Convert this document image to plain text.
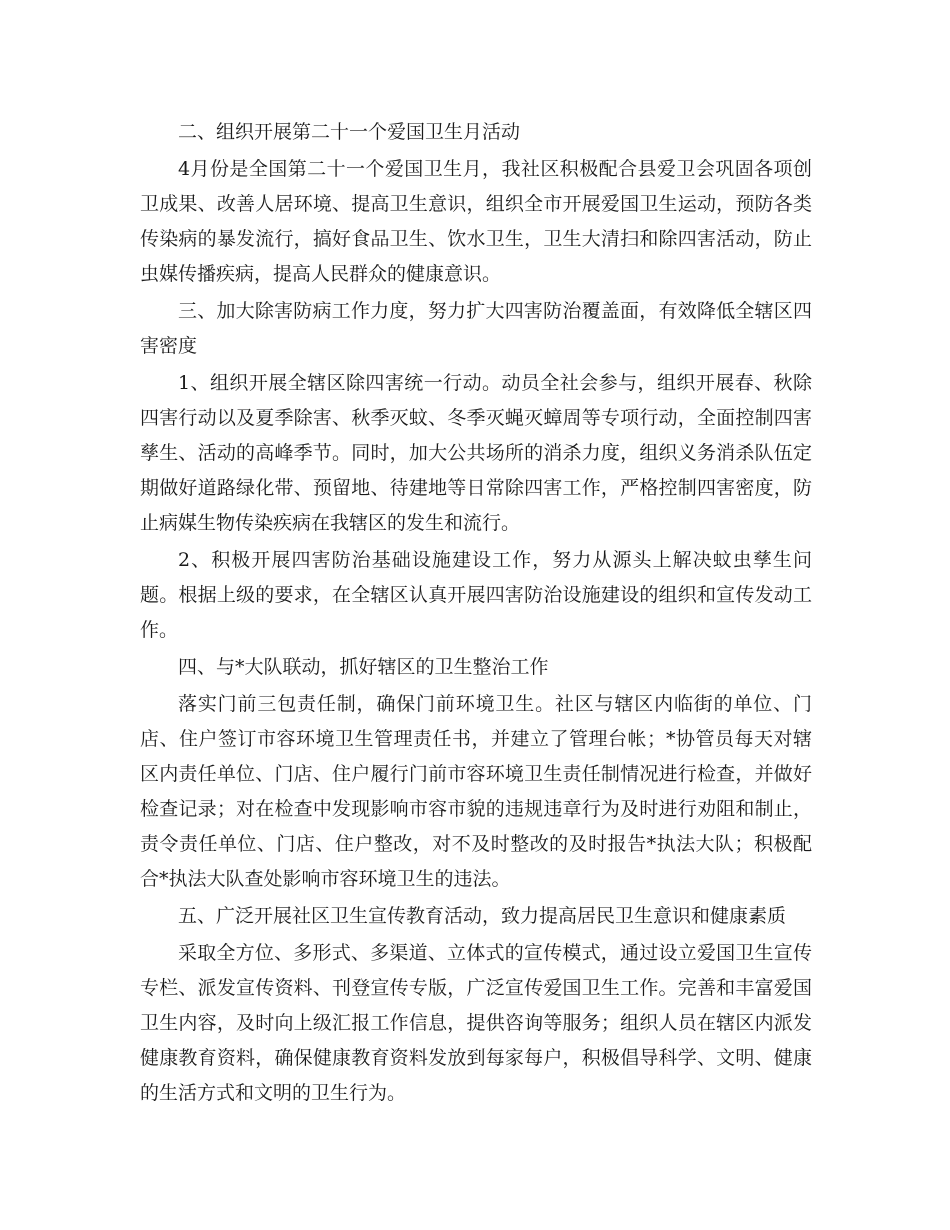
二、组织开展第二十一个爱国卫生月活动

4月份是全国第二十一个爱国卫生月，我社区积极配合县爱卫会巩固各项创卫成果、改善人居环境、提高卫生意识，组织全市开展爱国卫生运动，预防各类传染病的暴发流行，搞好食品卫生、饮水卫生，卫生大清扫和除四害活动，防止虫媒传播疾病，提高人民群众的健康意识。

三、加大除害防病工作力度，努力扩大四害防治覆盖面，有效降低全辖区四害密度

1、组织开展全辖区除四害统一行动。动员全社会参与，组织开展春、秋除四害行动以及夏季除害、秋季灭蚊、冬季灭蝇灭蟑周等专项行动，全面控制四害孳生、活动的高峰季节。同时，加大公共场所的消杀力度，组织义务消杀队伍定期做好道路绿化带、预留地、待建地等日常除四害工作，严格控制四害密度，防止病媒生物传染疾病在我辖区的发生和流行。

2、积极开展四害防治基础设施建设工作，努力从源头上解决蚊虫孳生问题。根据上级的要求，在全辖区认真开展四害防治设施建设的组织和宣传发动工作。

四、与*大队联动，抓好辖区的卫生整治工作

落实门前三包责任制，确保门前环境卫生。社区与辖区内临街的单位、门店、住户签订市容环境卫生管理责任书，并建立了管理台帐；*协管员每天对辖区内责任单位、门店、住户履行门前市容环境卫生责任制情况进行检查，并做好检查记录；对在检查中发现影响市容市貌的违规违章行为及时进行劝阻和制止，责令责任单位、门店、住户整改，对不及时整改的及时报告*执法大队；积极配合*执法大队查处影响市容环境卫生的违法。

五、广泛开展社区卫生宣传教育活动，致力提高居民卫生意识和健康素质

采取全方位、多形式、多渠道、立体式的宣传模式，通过设立爱国卫生宣传专栏、派发宣传资料、刊登宣传专版，广泛宣传爱国卫生工作。完善和丰富爱国卫生内容，及时向上级汇报工作信息，提供咨询等服务；组织人员在辖区内派发健康教育资料，确保健康教育资料发放到每家每户，积极倡导科学、文明、健康的生活方式和文明的卫生行为。
